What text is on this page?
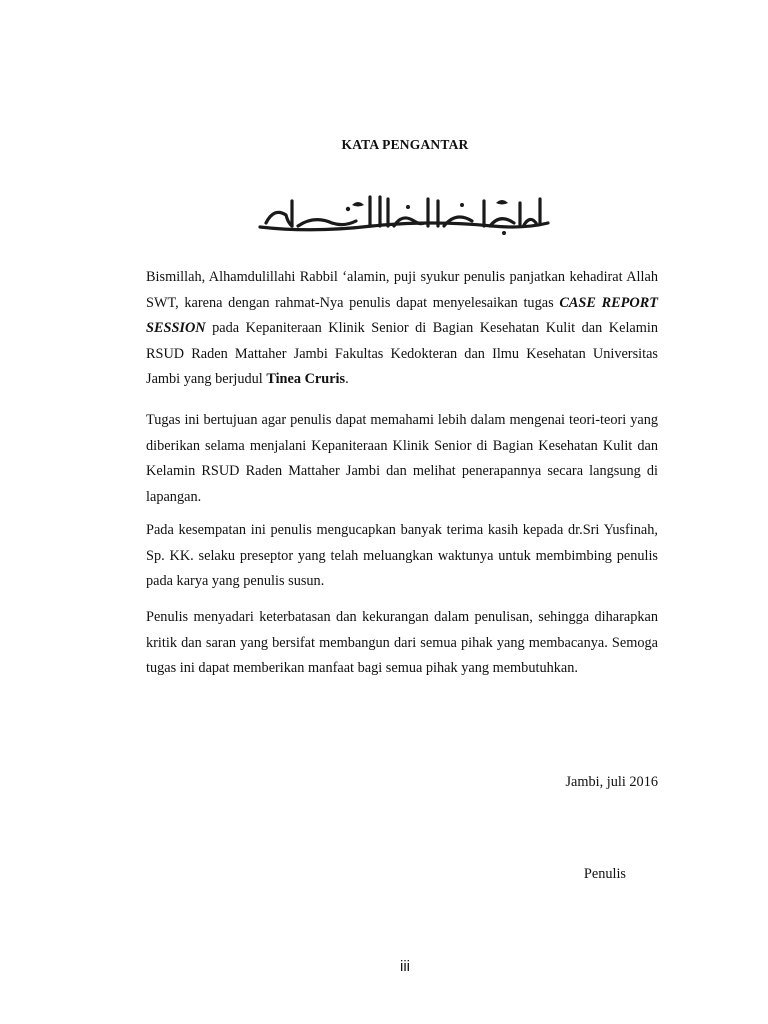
KATA PENGANTAR
بسم الله الرحمن الرحيم
Bismillah, Alhamdulillahi Rabbil ‘alamin, puji syukur penulis panjatkan kehadirat Allah SWT, karena dengan rahmat-Nya penulis dapat menyelesaikan tugas CASE REPORT SESSION pada Kepaniteraan Klinik Senior di Bagian Kesehatan Kulit dan Kelamin RSUD Raden Mattaher Jambi Fakultas Kedokteran dan Ilmu Kesehatan Universitas Jambi yang berjudul Tinea Cruris.
Tugas ini bertujuan agar penulis dapat memahami lebih dalam mengenai teori-teori yang diberikan selama menjalani Kepaniteraan Klinik Senior di Bagian Kesehatan Kulit dan Kelamin RSUD Raden Mattaher Jambi dan melihat penerapannya secara langsung di lapangan.
Pada kesempatan ini penulis mengucapkan banyak terima kasih kepada dr.Sri Yusfinah, Sp. KK. selaku preseptor yang telah meluangkan waktunya untuk membimbing penulis pada karya yang penulis susun.
Penulis menyadari keterbatasan dan kekurangan dalam penulisan, sehingga diharapkan kritik dan saran yang bersifat membangun dari semua pihak yang membacanya. Semoga tugas ini dapat memberikan manfaat bagi semua pihak yang membutuhkan.
Jambi, juli 2016
Penulis
iii
